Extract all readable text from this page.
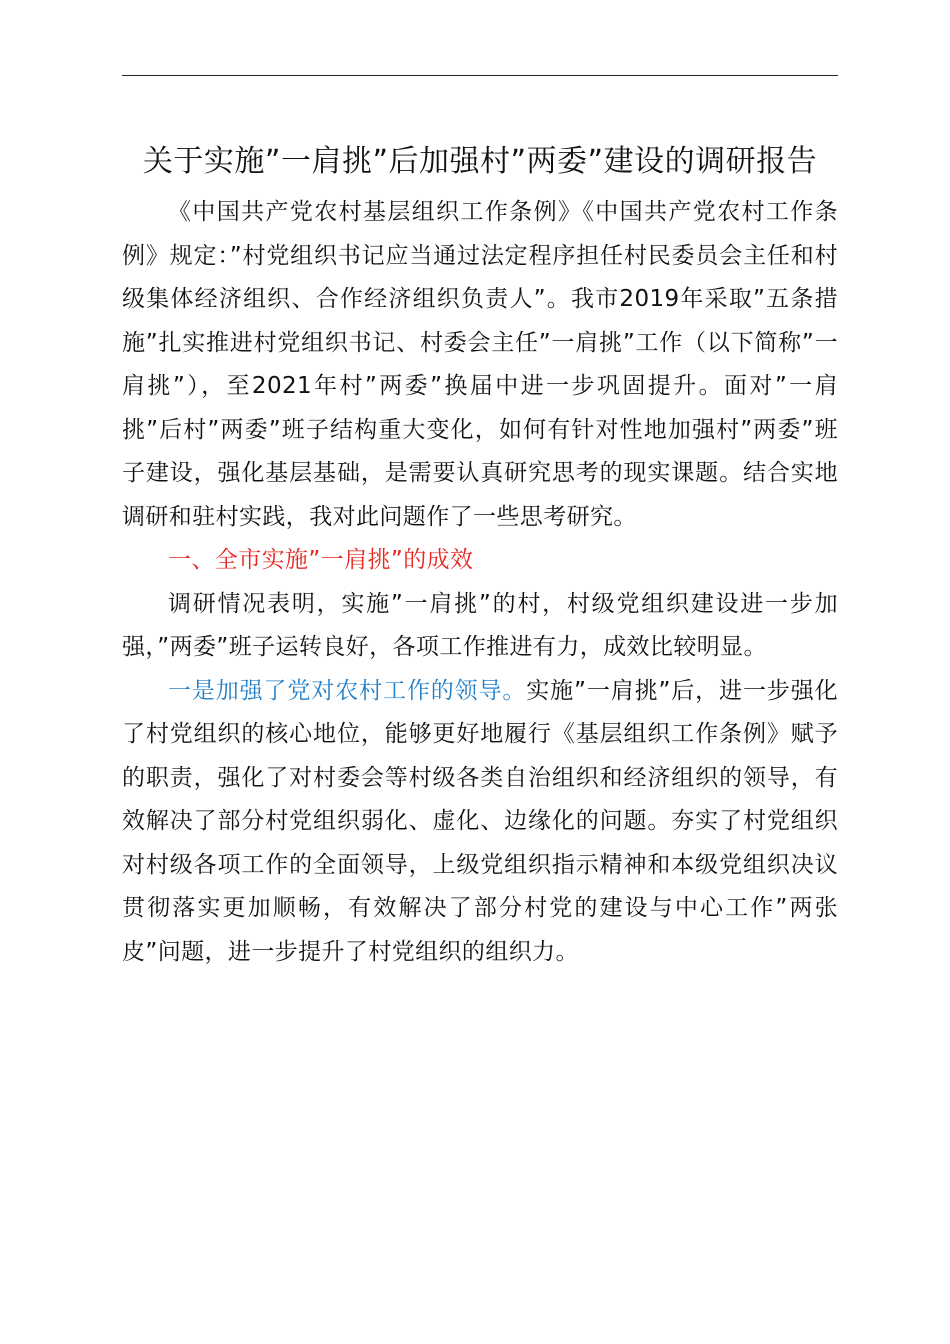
关于实施”一肩挑”后加强村”两委”建设的调研报告

《中国共产党农村基层组织工作条例》《中国共产党农村工作条例》规定：”村党组织书记应当通过法定程序担任村民委员会主任和村级集体经济组织、合作经济组织负责人”。我市2019年采取”五条措施”扎实推进村党组织书记、村委会主任”一肩挑”工作（以下简称”一肩挑”），至2021年村”两委”换届中进一步巩固提升。面对”一肩挑”后村”两委”班子结构重大变化，如何有针对性地加强村”两委”班子建设，强化基层基础，是需要认真研究思考的现实课题。结合实地调研和驻村实践，我对此问题作了一些思考研究。

一、全市实施”一肩挑”的成效

调研情况表明，实施”一肩挑”的村，村级党组织建设进一步加强，”两委”班子运转良好，各项工作推进有力，成效比较明显。

一是加强了党对农村工作的领导。实施”一肩挑”后，进一步强化了村党组织的核心地位，能够更好地履行《基层组织工作条例》赋予的职责，强化了对村委会等村级各类自治组织和经济组织的领导，有效解决了部分村党组织弱化、虚化、边缘化的问题。夯实了村党组织对村级各项工作的全面领导，上级党组织指示精神和本级党组织决议贯彻落实更加顺畅，有效解决了部分村党的建设与中心工作”两张皮”问题，进一步提升了村党组织的组织力。
